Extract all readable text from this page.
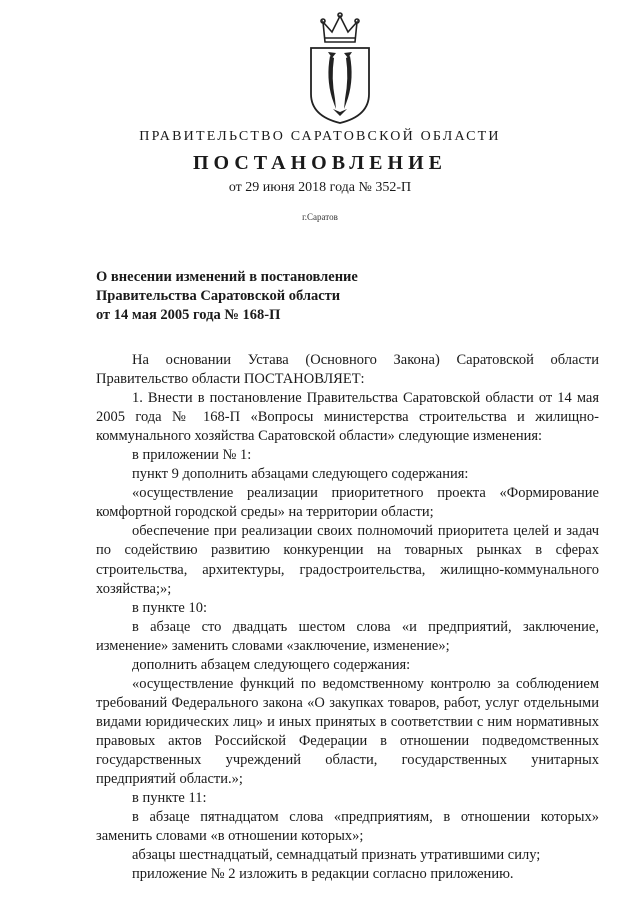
ПРАВИТЕЛЬСТВО САРАТОВСКОЙ ОБЛАСТИ
ПОСТАНОВЛЕНИЕ
от 29 июня 2018 года № 352-П
г.Саратов
О внесении изменений в постановление
Правительства Саратовской области
от 14 мая 2005 года № 168-П

На основании Устава (Основного Закона) Саратовской области Правительство области ПОСТАНОВЛЯЕТ:

1. Внести в постановление Правительства Саратовской области от 14 мая 2005 года № 168-П «Вопросы министерства строительства и жилищно-коммунального хозяйства Саратовской области» следующие изменения:

в приложении № 1:

пункт 9 дополнить абзацами следующего содержания:

«осуществление реализации приоритетного проекта «Формирование комфортной городской среды» на территории области;

обеспечение при реализации своих полномочий приоритета целей и задач по содействию развитию конкуренции на товарных рынках в сферах строительства, архитектуры, градостроительства, жилищно-коммунального хозяйства;»;

в пункте 10:

в абзаце сто двадцать шестом слова «и предприятий, заключение, изменение» заменить словами «заключение, изменение»;

дополнить абзацем следующего содержания:

«осуществление функций по ведомственному контролю за соблюдением требований Федерального закона «О закупках товаров, работ, услуг отдельными видами юридических лиц» и иных принятых в соответствии с ним нормативных правовых актов Российской Федерации в отношении подведомственных государственных учреждений области, государственных унитарных предприятий области.»;

в пункте 11:

в абзаце пятнадцатом слова «предприятиям, в отношении которых» заменить словами «в отношении которых»;

абзацы шестнадцатый, семнадцатый признать утратившими силу;

приложение № 2 изложить в редакции согласно приложению.
